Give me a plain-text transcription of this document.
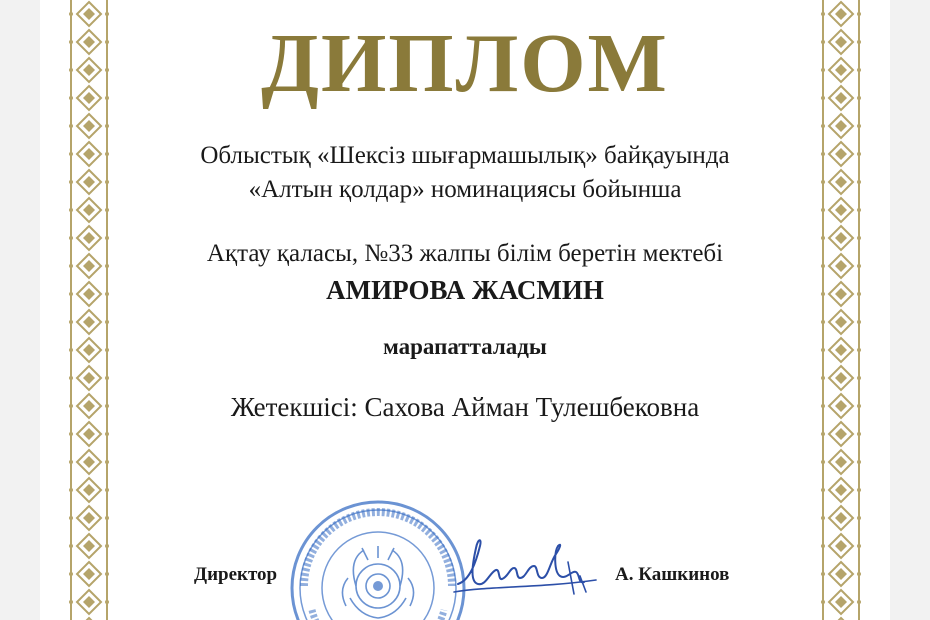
ДИПЛОМ
Облыстық «Шексіз шығармашылық» байқауында
«Алтын қолдар» номинациясы бойынша
Ақтау қаласы, №33 жалпы білім беретін мектебі
АМИРОВА ЖАСМИН
марапатталады
Жетекшісі: Сахова Айман Тулешбековна
Директор	А. Кашкинов
